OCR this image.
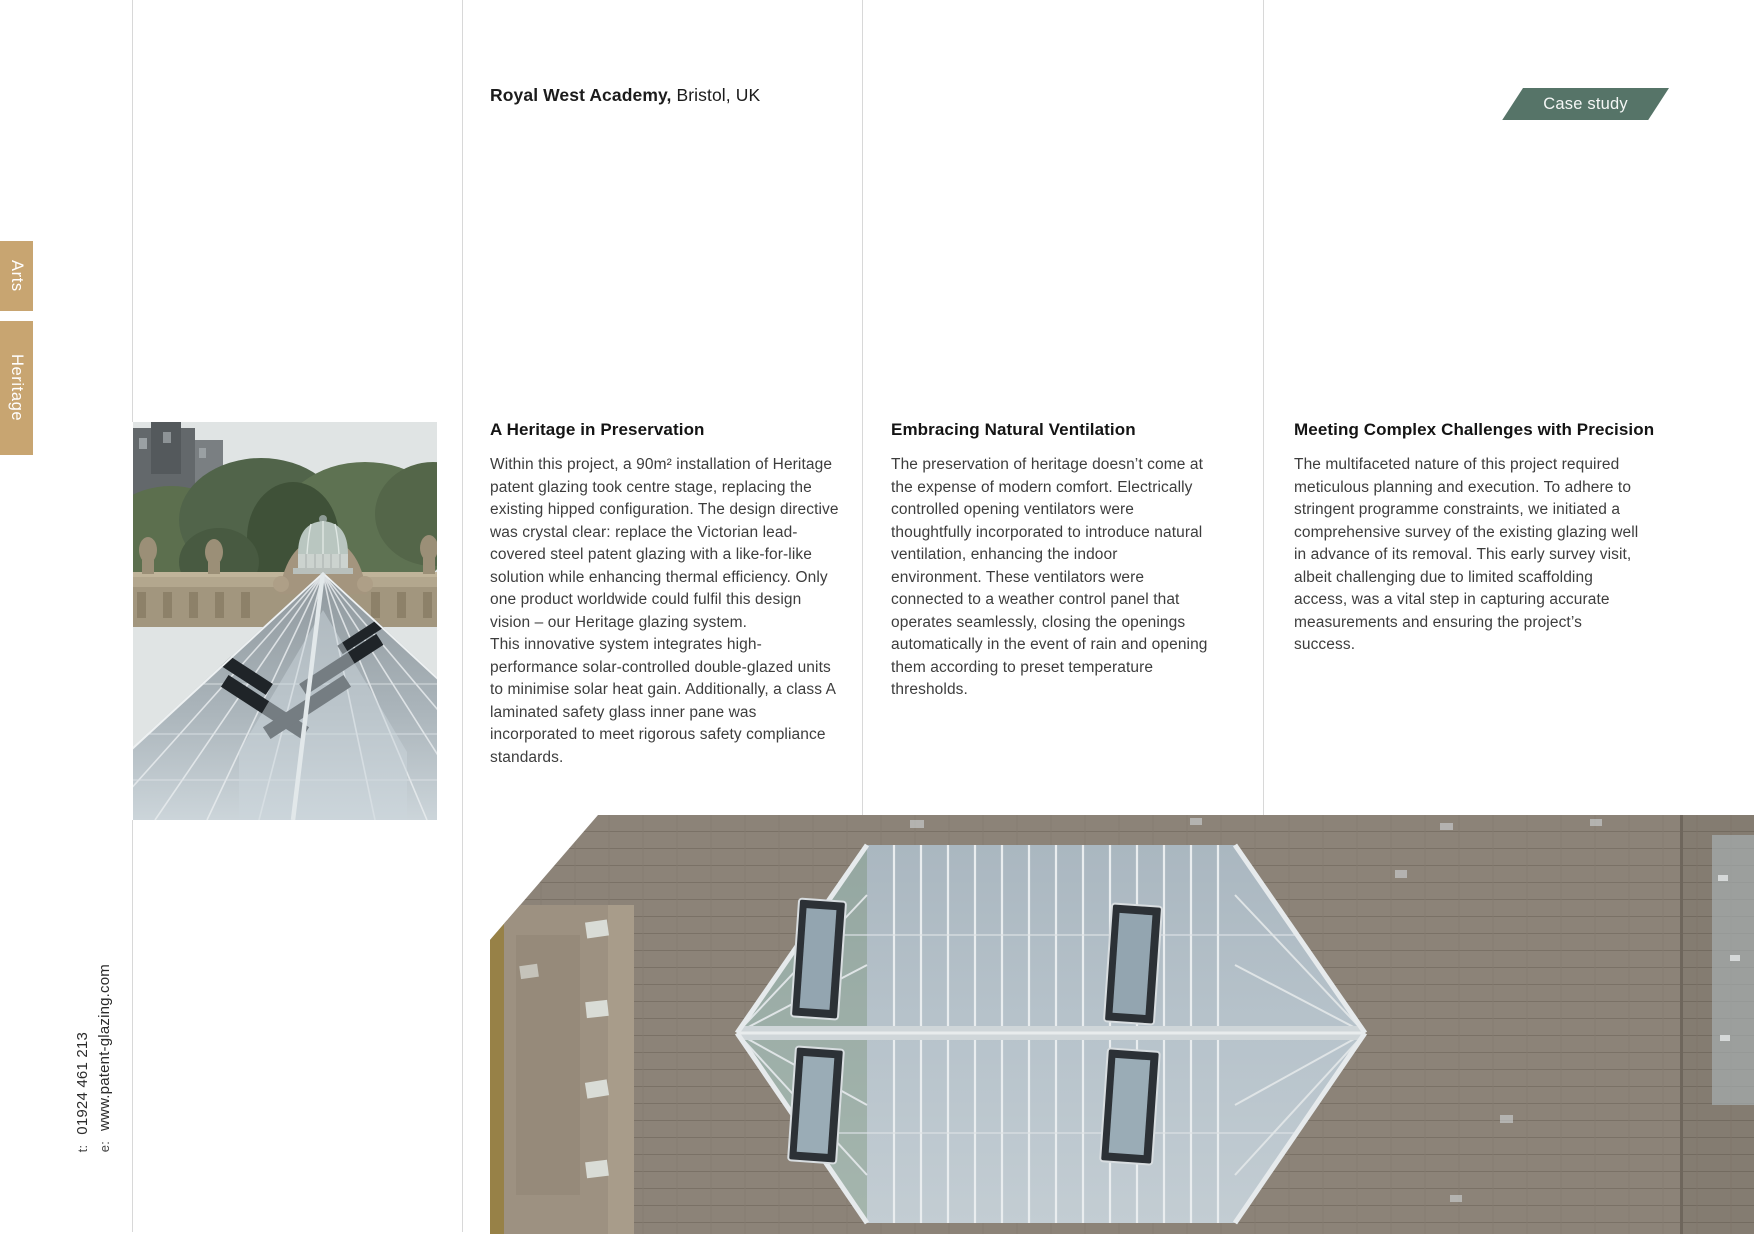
Royal West Academy, Bristol, UK	Case study
Arts
Heritage
A Heritage in Preservation

Within this project, a 90m² installation of Heritage patent glazing took centre stage, replacing the existing hipped configuration. The design directive was crystal clear: replace the Victorian lead-covered steel patent glazing with a like-for-like solution while enhancing thermal efficiency. Only one product worldwide could fulfil this design vision – our Heritage glazing system.

This innovative system integrates high-performance solar-controlled double-glazed units to minimise solar heat gain. Additionally, a class A laminated safety glass inner pane was incorporated to meet rigorous safety compliance standards.

Embracing Natural Ventilation

The preservation of heritage doesn’t come at the expense of modern comfort. Electrically controlled opening ventilators were thoughtfully incorporated to introduce natural ventilation, enhancing the indoor environment. These ventilators were connected to a weather control panel that operates seamlessly, closing the openings automatically in the event of rain and opening them according to preset temperature thresholds.

Meeting Complex Challenges with Precision

The multifaceted nature of this project required meticulous planning and execution. To adhere to stringent programme constraints, we initiated a comprehensive survey of the existing glazing well in advance of its removal. This early survey visit, albeit challenging due to limited scaffolding access, was a vital step in capturing accurate measurements and ensuring the project’s success.

t:01924 461 213
e:www.patent-glazing.com
